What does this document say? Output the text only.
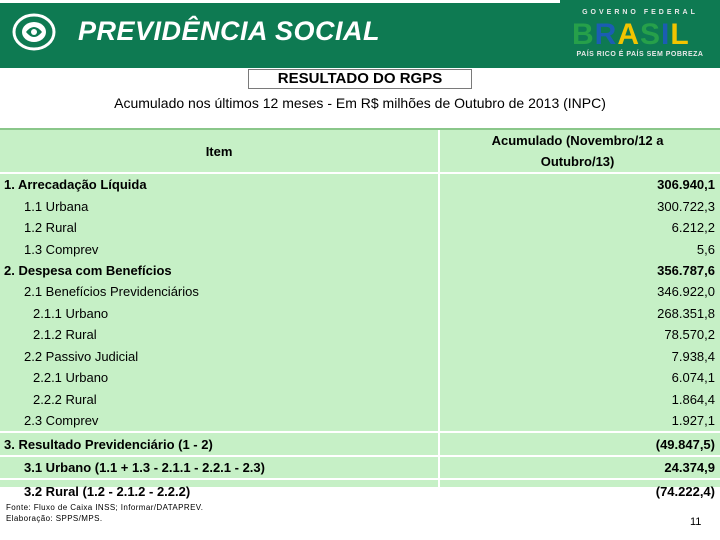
PREVIDÊNCIA SOCIAL
GOVERNO FEDERAL
BRASIL
PAÍS RICO É PAÍS SEM POBREZA
RESULTADO DO RGPS
Acumulado nos últimos 12 meses - Em R$ milhões de Outubro de 2013 (INPC)
Item	Acumulado (Novembro/12 a Outubro/13)
1. Arrecadação Líquida	306.940,1
1.1 Urbana	300.722,3
1.2 Rural	6.212,2
1.3 Comprev	5,6
2. Despesa com Benefícios	356.787,6
2.1 Benefícios Previdenciários	346.922,0
2.1.1 Urbano	268.351,8
2.1.2 Rural	78.570,2
2.2 Passivo Judicial	7.938,4
2.2.1 Urbano	6.074,1
2.2.2 Rural	1.864,4
2.3 Comprev	1.927,1
3. Resultado Previdenciário (1 - 2)	(49.847,5)
3.1 Urbano (1.1 + 1.3 - 2.1.1 - 2.2.1 - 2.3)	24.374,9
3.2 Rural (1.2 - 2.1.2 - 2.2.2)	(74.222,4)
Fonte: Fluxo de Caixa INSS; Informar/DATAPREV.
Elaboração: SPPS/MPS.	11
